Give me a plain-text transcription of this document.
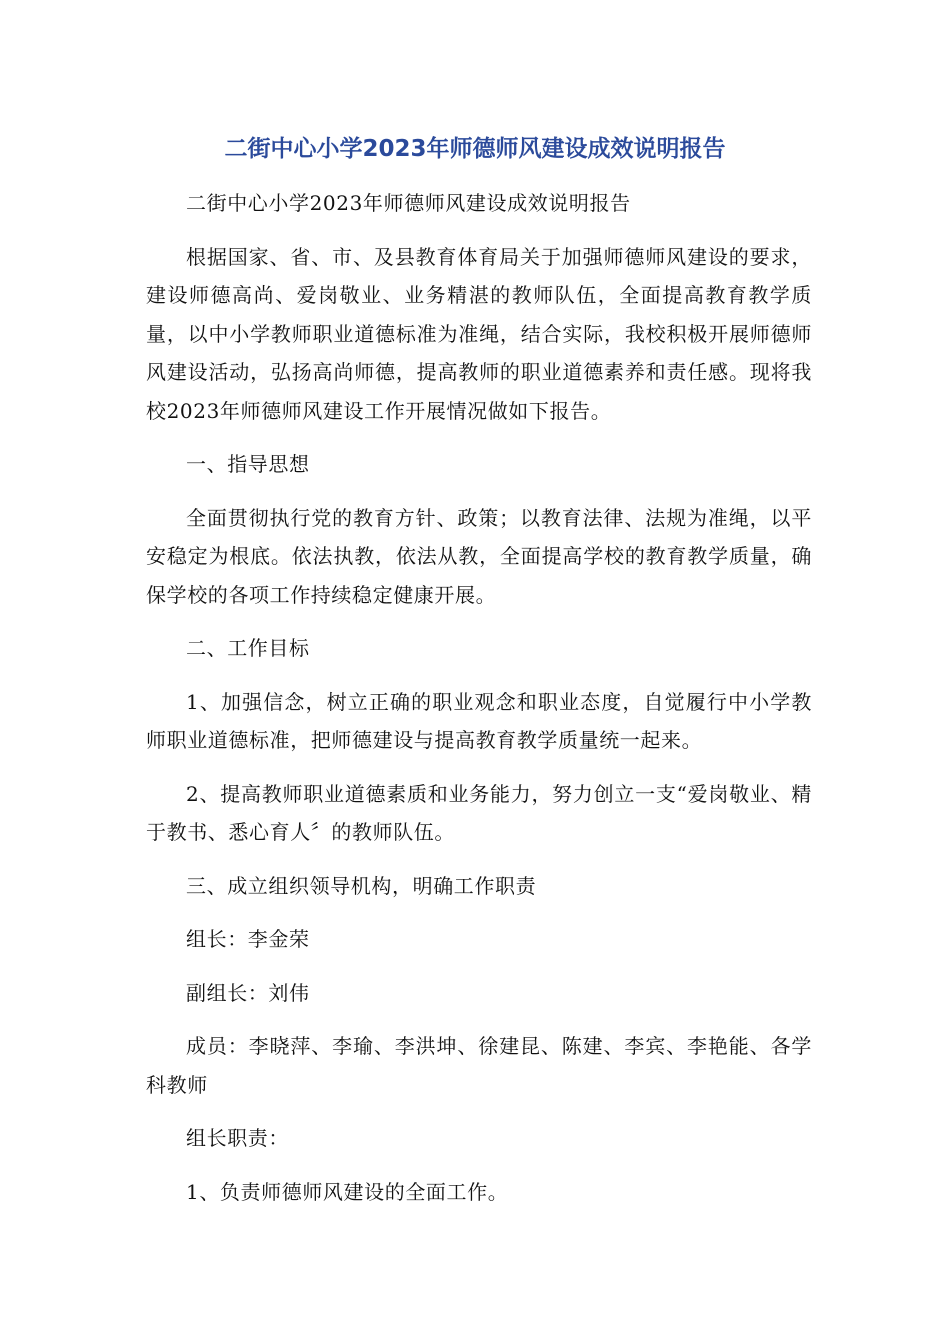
二街中心小学2023年师德师风建设成效说明报告

二街中心小学2023年师德师风建设成效说明报告

根据国家、省、市、及县教育体育局关于加强师德师风建设的要求，建设师德高尚、爱岗敬业、业务精湛的教师队伍，全面提高教育教学质量，以中小学教师职业道德标准为准绳，结合实际，我校积极开展师德师风建设活动，弘扬高尚师德，提高教师的职业道德素养和责任感。现将我校2023年师德师风建设工作开展情况做如下报告。

一、指导思想

全面贯彻执行党的教育方针、政策；以教育法律、法规为准绳，以平安稳定为根底。依法执教，依法从教，全面提高学校的教育教学质量，确保学校的各项工作持续稳定健康开展。

二、工作目标

1、加强信念，树立正确的职业观念和职业态度，自觉履行中小学教师职业道德标准，把师德建设与提高教育教学质量统一起来。

2、提高教师职业道德素质和业务能力，努力创立一支“爱岗敬业、精于教书、悉心育人〞的教师队伍。

三、成立组织领导机构，明确工作职责

组长：李金荣

副组长：刘伟

成员：李晓萍、李瑜、李洪坤、徐建昆、陈建、李宾、李艳能、各学科教师

组长职责：

1、负责师德师风建设的全面工作。
